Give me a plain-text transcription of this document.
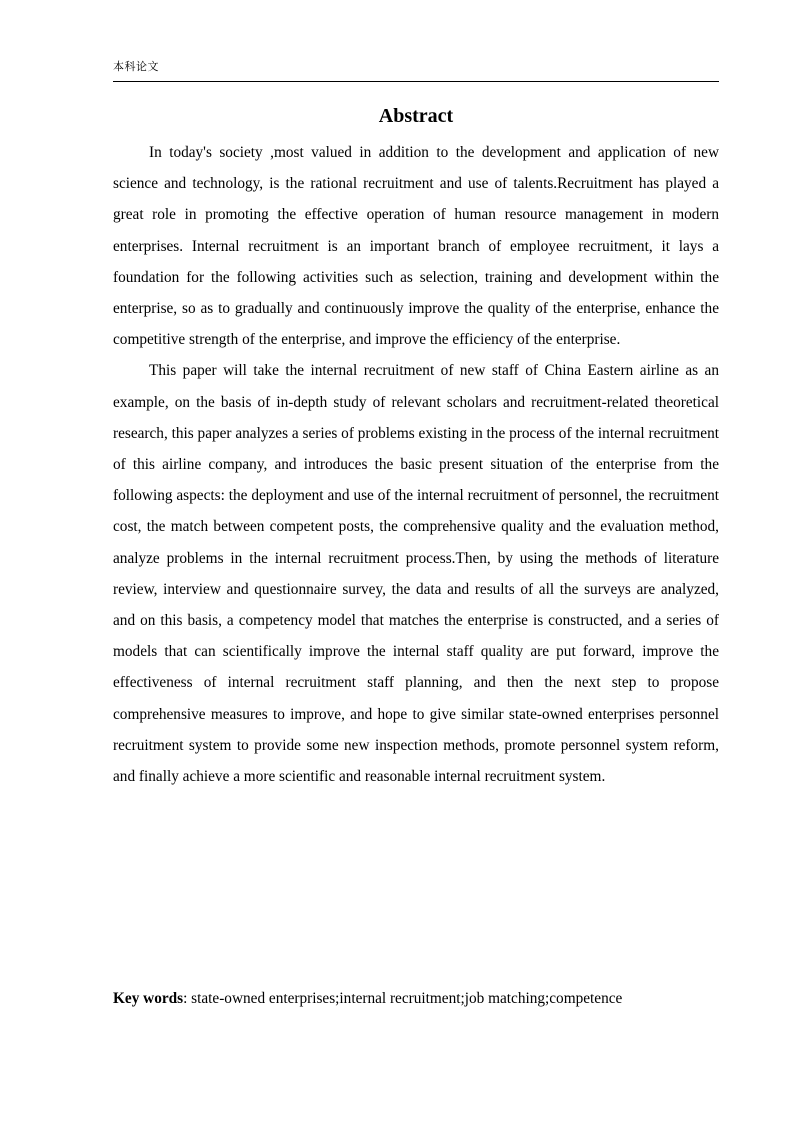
本科论文
Abstract

In today's society ,most valued in addition to the development and application of new science and technology, is the rational recruitment and use of talents.Recruitment has played a great role in promoting the effective operation of human resource management in modern enterprises. Internal recruitment is an important branch of employee recruitment, it lays a foundation for the following activities such as selection, training and development within the enterprise, so as to gradually and continuously improve the quality of the enterprise, enhance the competitive strength of the enterprise, and improve the efficiency of the enterprise.

This paper will take the internal recruitment of new staff of China Eastern airline as an example, on the basis of in-depth study of relevant scholars and recruitment-related theoretical research, this paper analyzes a series of problems existing in the process of the internal recruitment of this airline company, and introduces the basic present situation of the enterprise from the following aspects: the deployment and use of the internal recruitment of personnel, the recruitment cost, the match between competent posts, the comprehensive quality and the evaluation method, analyze problems in the internal recruitment process.Then, by using the methods of literature review, interview and questionnaire survey, the data and results of all the surveys are analyzed, and on this basis, a competency model that matches the enterprise is constructed, and a series of models that can scientifically improve the internal staff quality are put forward, improve the effectiveness of internal recruitment staff planning, and then the next step to propose comprehensive measures to improve, and hope to give similar state-owned enterprises personnel recruitment system to provide some new inspection methods, promote personnel system reform, and finally achieve a more scientific and reasonable internal recruitment system.

Key words: state-owned enterprises;internal recruitment;job matching;competence
